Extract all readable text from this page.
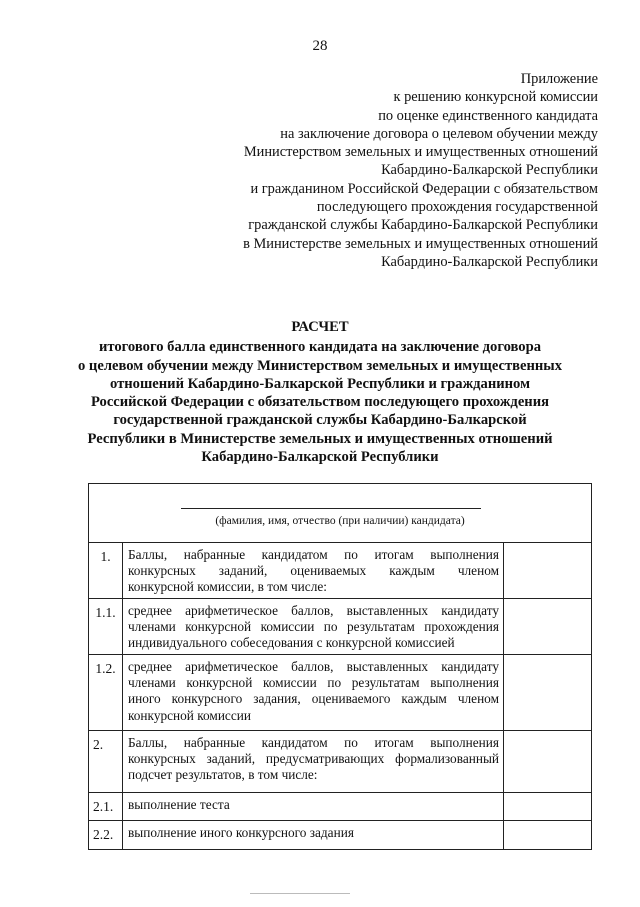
28
Приложение
к решению конкурсной комиссии
по оценке единственного кандидата
на заключение договора о целевом обучении между
Министерством земельных и имущественных отношений
Кабардино-Балкарской Республики
и гражданином Российской Федерации с обязательством
последующего прохождения государственной
гражданской службы Кабардино-Балкарской Республики
в Министерстве земельных и имущественных отношений
Кабардино-Балкарской Республики
РАСЧЕТ
итогового балла единственного кандидата на заключение договора
о целевом обучении между Министерством земельных и имущественных
отношений Кабардино-Балкарской Республики и гражданином
Российской Федерации с обязательством последующего прохождения
государственной гражданской службы Кабардино-Балкарской
Республики в Министерстве земельных и имущественных отношений
Кабардино-Балкарской Республики
(фамилия, имя, отчество (при наличии) кандидата)
1.	Баллы, набранные кандидатом по итогам выполнения
конкурсных заданий, оцениваемых каждым членом
конкурсной комиссии, в том числе:
1.1. среднее арифметическое баллов, выставленных кандидату
членами конкурсной комиссии по результатам прохождения
индивидуального собеседования с конкурсной комиссией
1.2. среднее арифметическое баллов, выставленных кандидату
членами конкурсной комиссии по результатам выполнения
иного конкурсного задания, оцениваемого каждым членом
конкурсной комиссии
2.	Баллы, набранные кандидатом по итогам выполнения
конкурсных заданий, предусматривающих формализованный
подсчет результатов, в том числе:
2.1.	выполнение теста
2.2.	выполнение иного конкурсного задания
